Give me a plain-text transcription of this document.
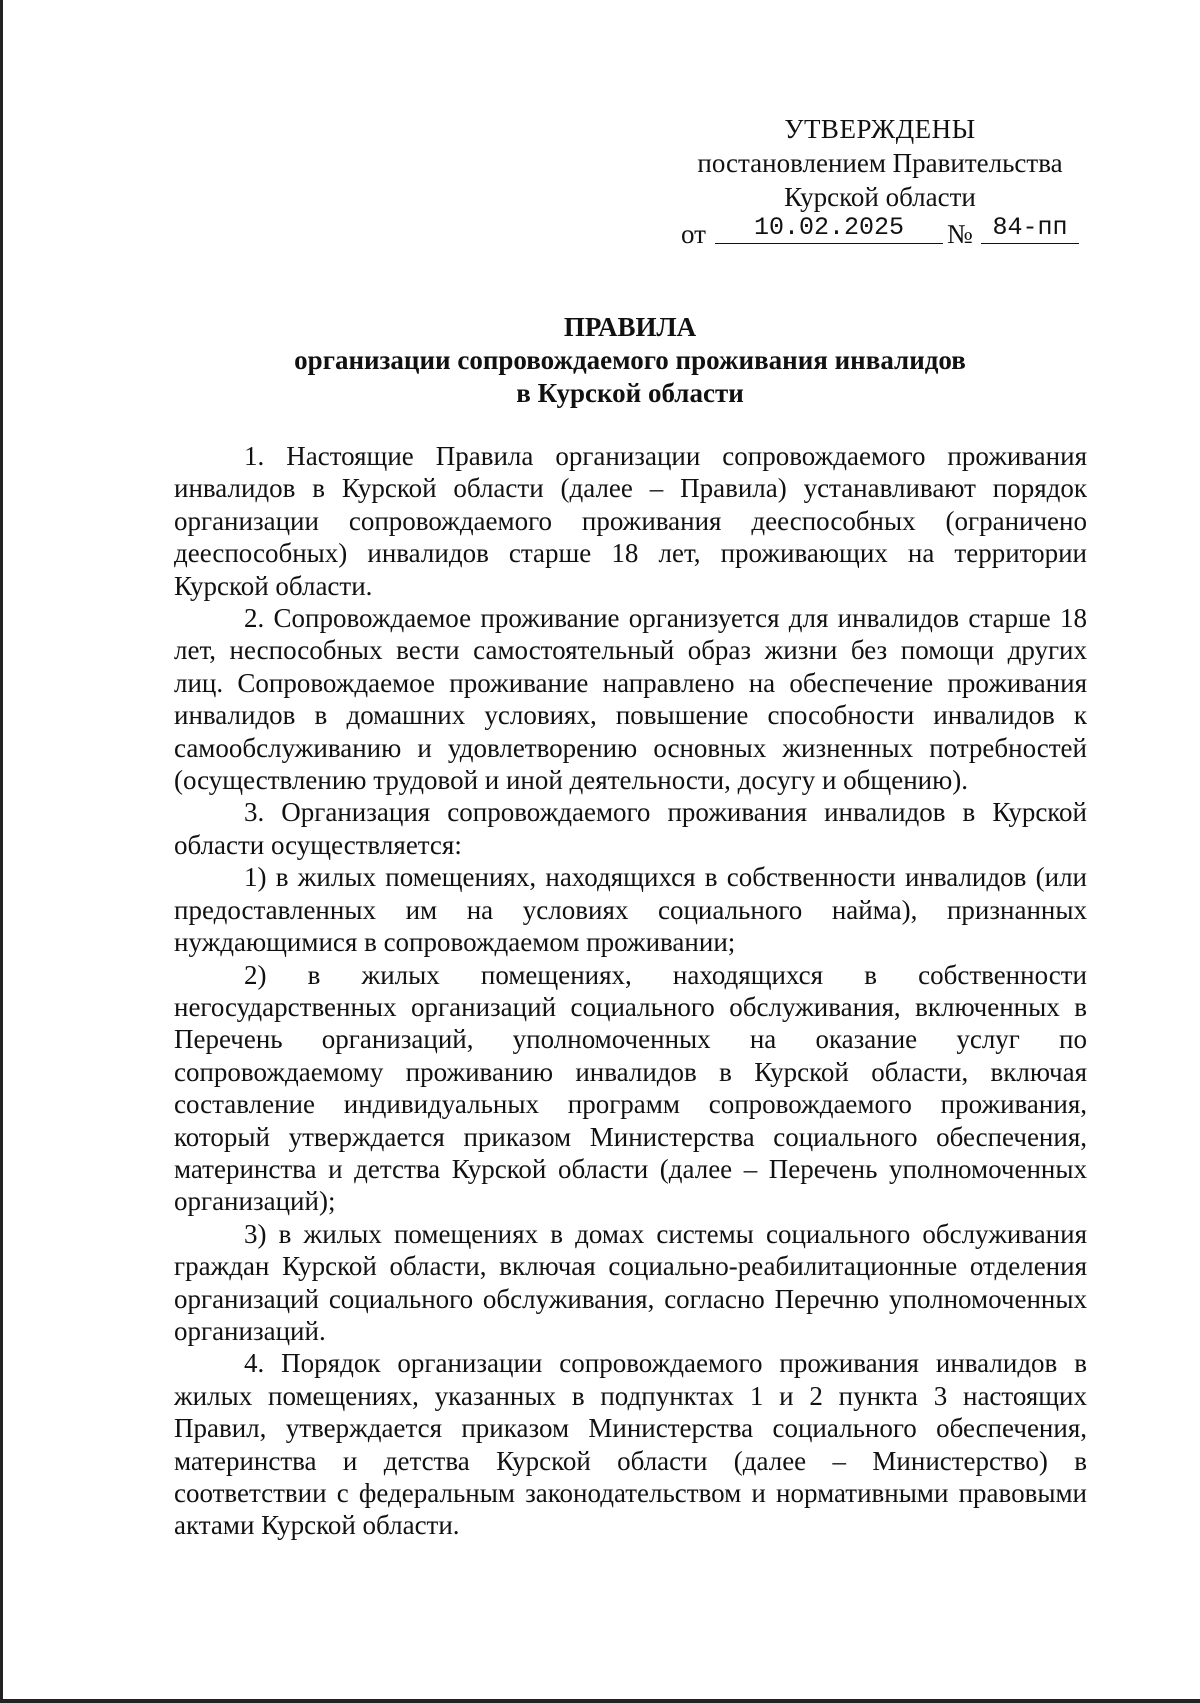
УТВЕРЖДЕНЫ
постановлением Правительства
Курской области
от	10.02.2025	№ 84-пп
ПРАВИЛА
организации сопровождаемого проживания инвалидов
в Курской области

1. Настоящие Правила организации сопровождаемого проживания инвалидов в Курской области (далее – Правила) устанавливают порядок организации сопровождаемого проживания дееспособных (ограничено дееспособных) инвалидов старше 18 лет, проживающих на территории Курской области.

2. Сопровождаемое проживание организуется для инвалидов старше 18 лет, неспособных вести самостоятельный образ жизни без помощи других лиц. Сопровождаемое проживание направлено на обеспечение проживания инвалидов в домашних условиях, повышение способности инвалидов к самообслуживанию и удовлетворению основных жизненных потребностей (осуществлению трудовой и иной деятельности, досугу и общению).

3. Организация сопровождаемого проживания инвалидов в Курской области осуществляется:

1) в жилых помещениях, находящихся в собственности инвалидов (или предоставленных им на условиях социального найма), признанных нуждающимися в сопровождаемом проживании;

2) в жилых помещениях, находящихся в собственности негосударственных организаций социального обслуживания, включенных в Перечень организаций, уполномоченных на оказание услуг по сопровождаемому проживанию инвалидов в Курской области, включая составление индивидуальных программ сопровождаемого проживания, который утверждается приказом Министерства социального обеспечения, материнства и детства Курской области (далее – Перечень уполномоченных организаций);

3) в жилых помещениях в домах системы социального обслуживания граждан Курской области, включая социально-реабилитационные отделения организаций социального обслуживания, согласно Перечню уполномоченных организаций.

4. Порядок организации сопровождаемого проживания инвалидов в жилых помещениях, указанных в подпунктах 1 и 2 пункта 3 настоящих Правил, утверждается приказом Министерства социального обеспечения, материнства и детства Курской области (далее – Министерство) в соответствии с федеральным законодательством и нормативными правовыми актами Курской области.
